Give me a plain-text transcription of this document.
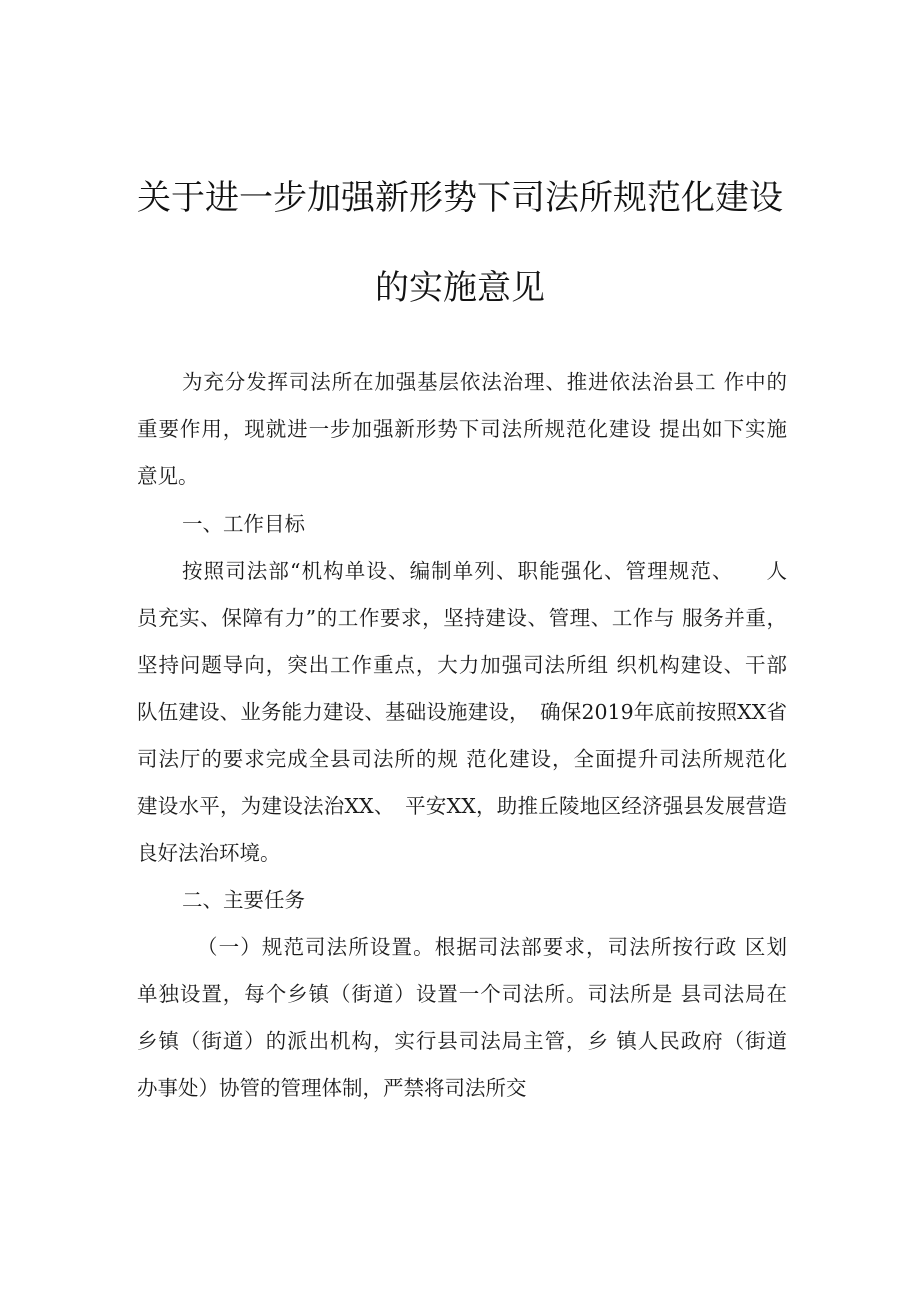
关于进一步加强新形势下司法所规范化建设
的实施意见
为充分发挥司法所在加强基层依法治理、推进依法治县工 作中的
重要作用，现就进一步加强新形势下司法所规范化建设 提出如下实施
意见。
一、工作目标
按照司法部“机构单设、编制单列、职能强化、管理规范、　　人
员充实、保障有力”的工作要求，坚持建设、管理、工作与 服务并重，
坚持问题导向，突出工作重点，大力加强司法所组 织机构建设、干部
队伍建设、业务能力建设、基础设施建设，　确保2019年底前按照XX省
司法厅的要求完成全县司法所的规 范化建设，全面提升司法所规范化
建设水平，为建设法治XX、　平安XX，助推丘陵地区经济强县发展营造
良好法治环境。
二、主要任务
（一）规范司法所设置。根据司法部要求，司法所按行政 区划
单独设置，每个乡镇（街道）设置一个司法所。司法所是 县司法局在
乡镇（街道）的派出机构，实行县司法局主管，乡 镇人民政府（街道
办事处）协管的管理体制，严禁将司法所交
